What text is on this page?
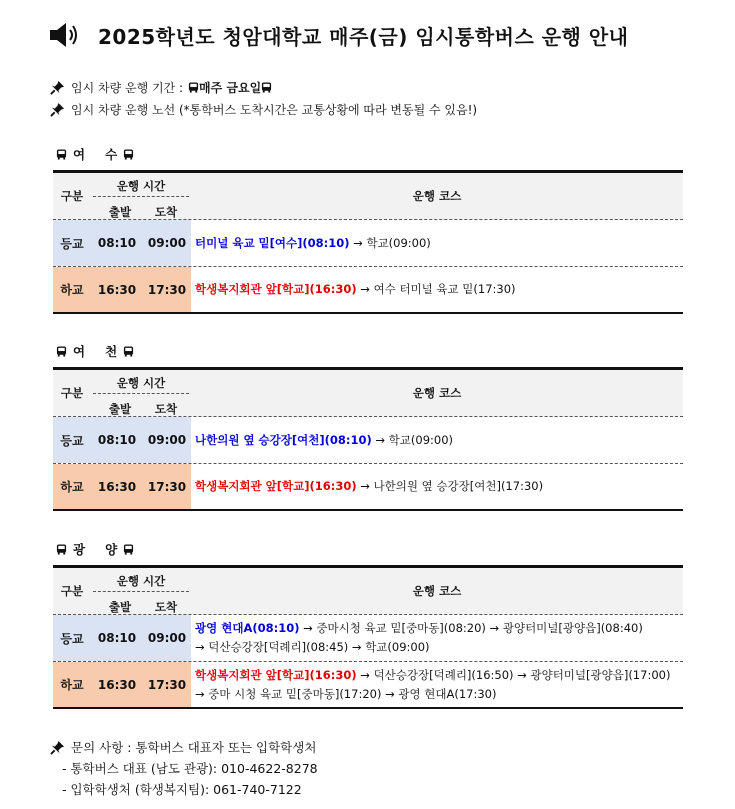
2025학년도 청암대학교 매주(금) 임시통학버스 운행 안내
임시 차량 운행 기간 : 매주 금요일
임시 차량 운행 노선 (*통학버스 도착시간은 교통상황에 따라 변동될 수 있음!)
여 수
여 천
광 양
구분
운행 시간
출발	도착
운행 코스
등교	08:10 09:00 터미널 육교 밑[여수](08:10) → 학교(09:00)
하교	16:30 17:30 학생복지회관 앞[학교](16:30) → 여수 터미널 육교 밑(17:30)
구분
운행 시간
출발	도착
운행 코스
등교	08:10 09:00 나한의원 옆 승강장[여천](08:10) → 학교(09:00)
하교	16:30 17:30 학생복지회관 앞[학교](16:30) → 나한의원 옆 승강장[여천](17:30)
구분
운행 시간
출발	도착
운행 코스
등교	08:10 09:00
광영 현대A(08:10) → 중마시청 육교 밑[중마동](08:20) → 광양터미널[광양읍](08:40)
→ 덕산승강장[덕례리](08:45) → 학교(09:00)
하교	16:30 17:30
학생복지회관 앞[학교](16:30) → 덕산승강장[덕례리](16:50) → 광양터미널[광양읍](17:00)
→ 중마 시청 육교 밑[중마동](17:20) → 광영 현대A(17:30)
문의 사항 : 통학버스 대표자 또는 입학학생처
- 통학버스 대표 (남도 관광): 010-4622-8278
- 입학학생처 (학생복지팀): 061-740-7122
